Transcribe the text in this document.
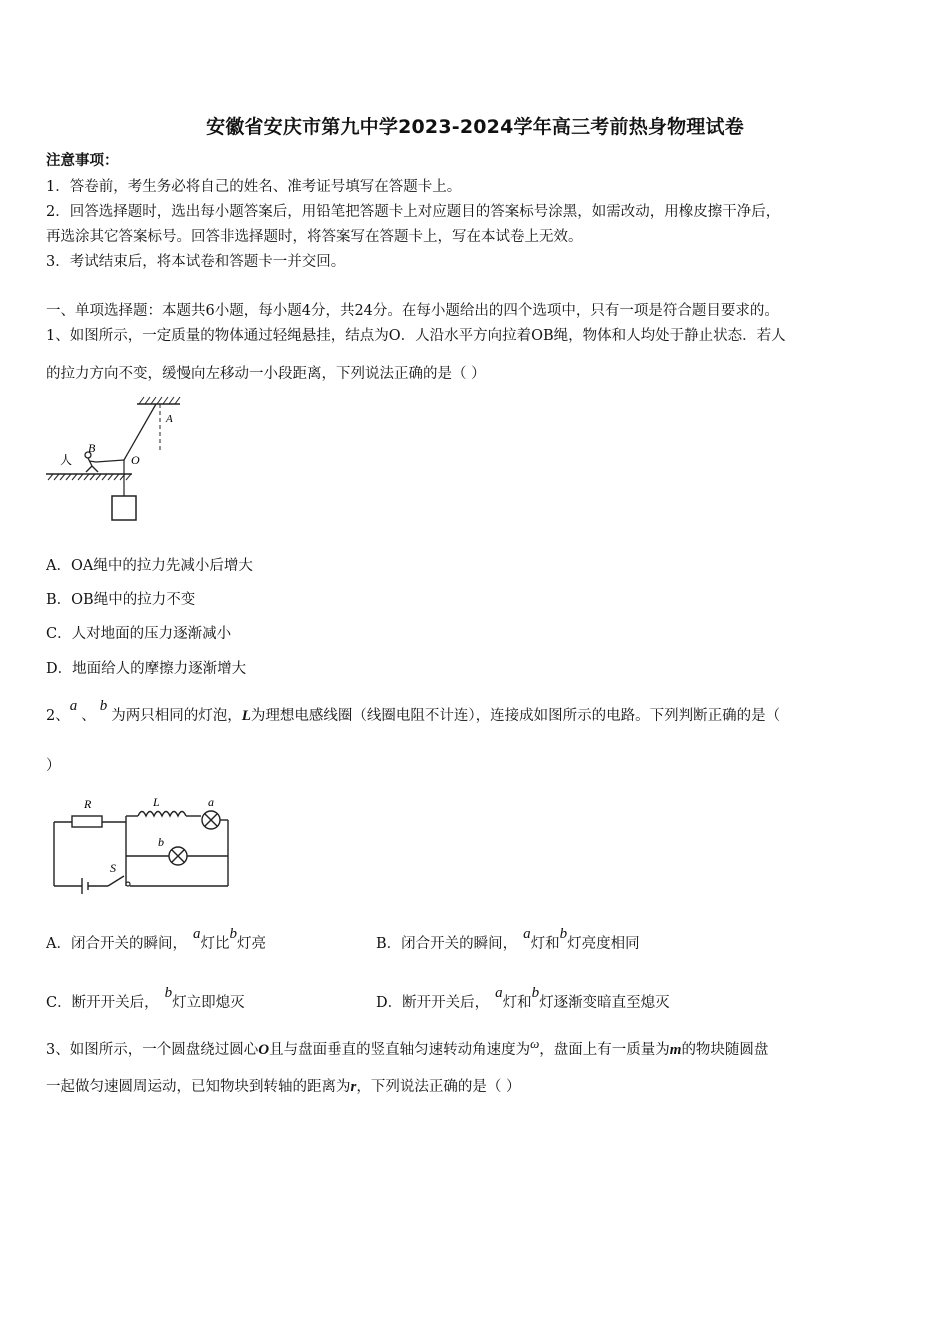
安徽省安庆市第九中学2023-2024学年高三考前热身物理试卷
注意事项：
1．答卷前，考生务必将自己的姓名、准考证号填写在答题卡上。
2．回答选择题时，选出每小题答案后，用铅笔把答题卡上对应题目的答案标号涂黑，如需改动，用橡皮擦干净后，
再选涂其它答案标号。回答非选择题时，将答案写在答题卡上，写在本试卷上无效。
3．考试结束后，将本试卷和答题卡一并交回。
一、单项选择题：本题共6小题，每小题4分，共24分。在每小题给出的四个选项中，只有一项是符合题目要求的。
1、如图所示，一定质量的物体通过轻绳悬挂，结点为O．人沿水平方向拉着OB绳，物体和人均处于静止状态．若人
的拉力方向不变，缓慢向左移动一小段距离，下列说法正确的是（ ）
A
O
B
人
A．OA绳中的拉力先减小后增大
B．OB绳中的拉力不变
C．人对地面的压力逐渐减小
D．地面给人的摩擦力逐渐增大
2、a、b为两只相同的灯泡，L为理想电感线圈（线圈电阻不计连），连接成如图所示的电路。下列判断正确的是（
）
R	L	a
b
S
A．闭合开关的瞬间，a灯比b灯亮	B．闭合开关的瞬间，a灯和b灯亮度相同
C．断开开关后，b灯立即熄灭	D．断开开关后，a灯和b灯逐渐变暗直至熄灭
3、如图所示，一个圆盘绕过圆心O且与盘面垂直的竖直轴匀速转动角速度为ω，盘面上有一质量为m的物块随圆盘
一起做匀速圆周运动，已知物块到转轴的距离为r，下列说法正确的是（ ）
